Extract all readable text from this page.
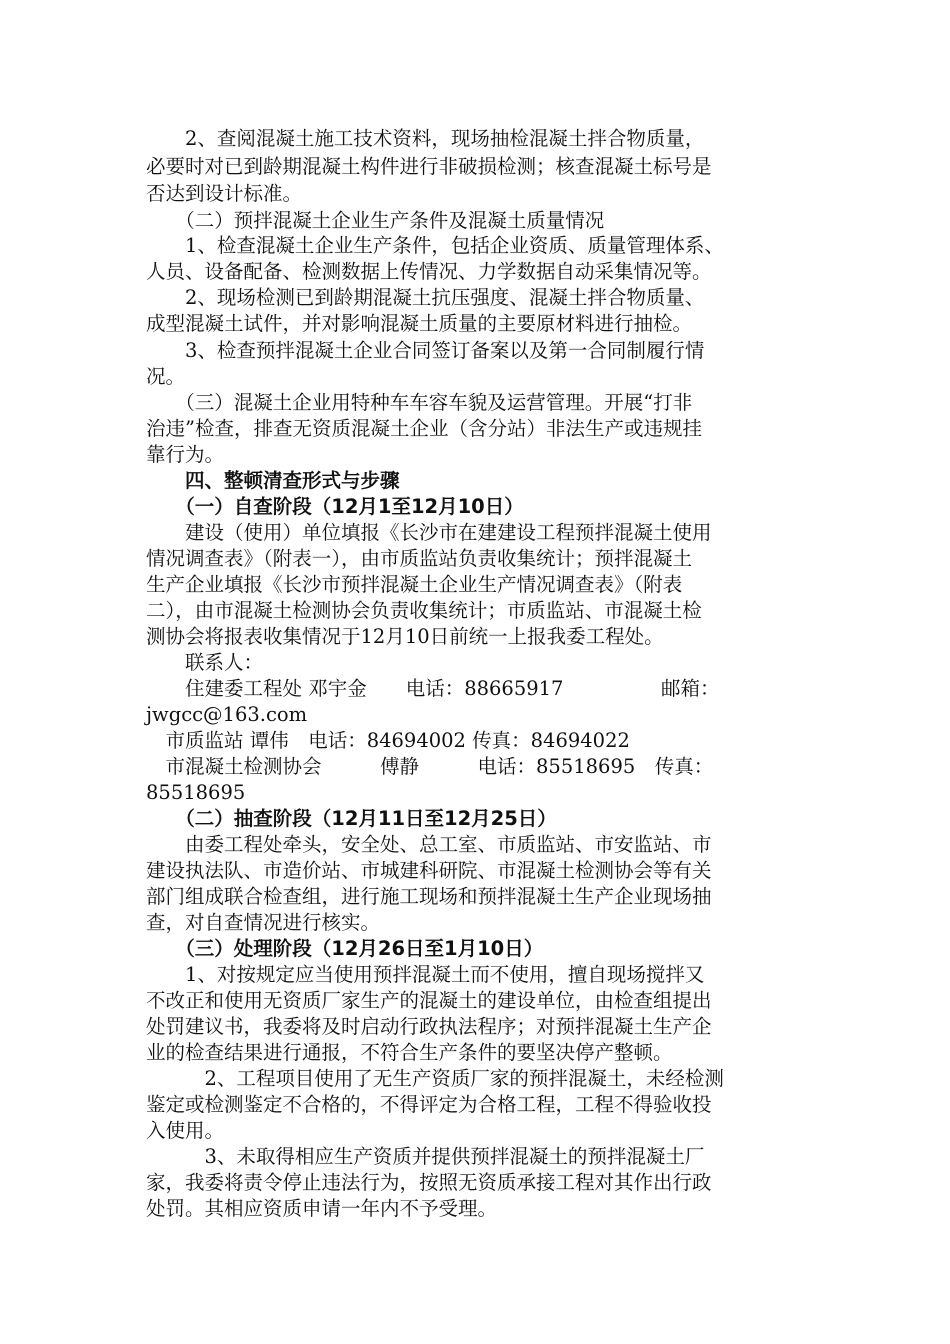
　　2、查阅混凝土施工技术资料，现场抽检混凝土拌合物质量，
必要时对已到龄期混凝土构件进行非破损检测；核查混凝土标号是
否达到设计标准。
　　（二）预拌混凝土企业生产条件及混凝土质量情况
　　1、检查混凝土企业生产条件，包括企业资质、质量管理体系、
人员、设备配备、检测数据上传情况、力学数据自动采集情况等。
　　2、现场检测已到龄期混凝土抗压强度、混凝土拌合物质量、
成型混凝土试件，并对影响混凝土质量的主要原材料进行抽检。
　　3、检查预拌混凝土企业合同签订备案以及第一合同制履行情
况。
　　（三）混凝土企业用特种车车容车貌及运营管理。开展“打非
治违”检查，排查无资质混凝土企业（含分站）非法生产或违规挂
靠行为。
　　四、整顿清查形式与步骤
　　（一）自查阶段（12月1至12月10日）
　　建设（使用）单位填报《长沙市在建建设工程预拌混凝土使用
情况调查表》（附表一），由市质监站负责收集统计；预拌混凝土
生产企业填报《长沙市预拌混凝土企业生产情况调查表》（附表
二），由市混凝土检测协会负责收集统计；市质监站、市混凝土检
测协会将报表收集情况于12月10日前统一上报我委工程处。
　　联系人：
　　住建委工程处 邓宇金　　电话：88665917　　　　　邮箱：
jwgcc@163.com
　市质监站 谭伟　电话：84694002 传真：84694022
　市混凝土检测协会　　　傅静　　　电话：85518695　传真：
85518695
　　（二）抽查阶段（12月11日至12月25日）
　　由委工程处牵头，安全处、总工室、市质监站、市安监站、市
建设执法队、市造价站、市城建科研院、市混凝土检测协会等有关
部门组成联合检查组，进行施工现场和预拌混凝土生产企业现场抽
查，对自查情况进行核实。
　　（三）处理阶段（12月26日至1月10日）
　　1、对按规定应当使用预拌混凝土而不使用，擅自现场搅拌又
不改正和使用无资质厂家生产的混凝土的建设单位，由检查组提出
处罚建议书，我委将及时启动行政执法程序；对预拌混凝土生产企
业的检查结果进行通报，不符合生产条件的要坚决停产整顿。
　　　2、工程项目使用了无生产资质厂家的预拌混凝土，未经检测
鉴定或检测鉴定不合格的，不得评定为合格工程，工程不得验收投
入使用。
　　　3、未取得相应生产资质并提供预拌混凝土的预拌混凝土厂
家，我委将责令停止违法行为，按照无资质承接工程对其作出行政
处罚。其相应资质申请一年内不予受理。
